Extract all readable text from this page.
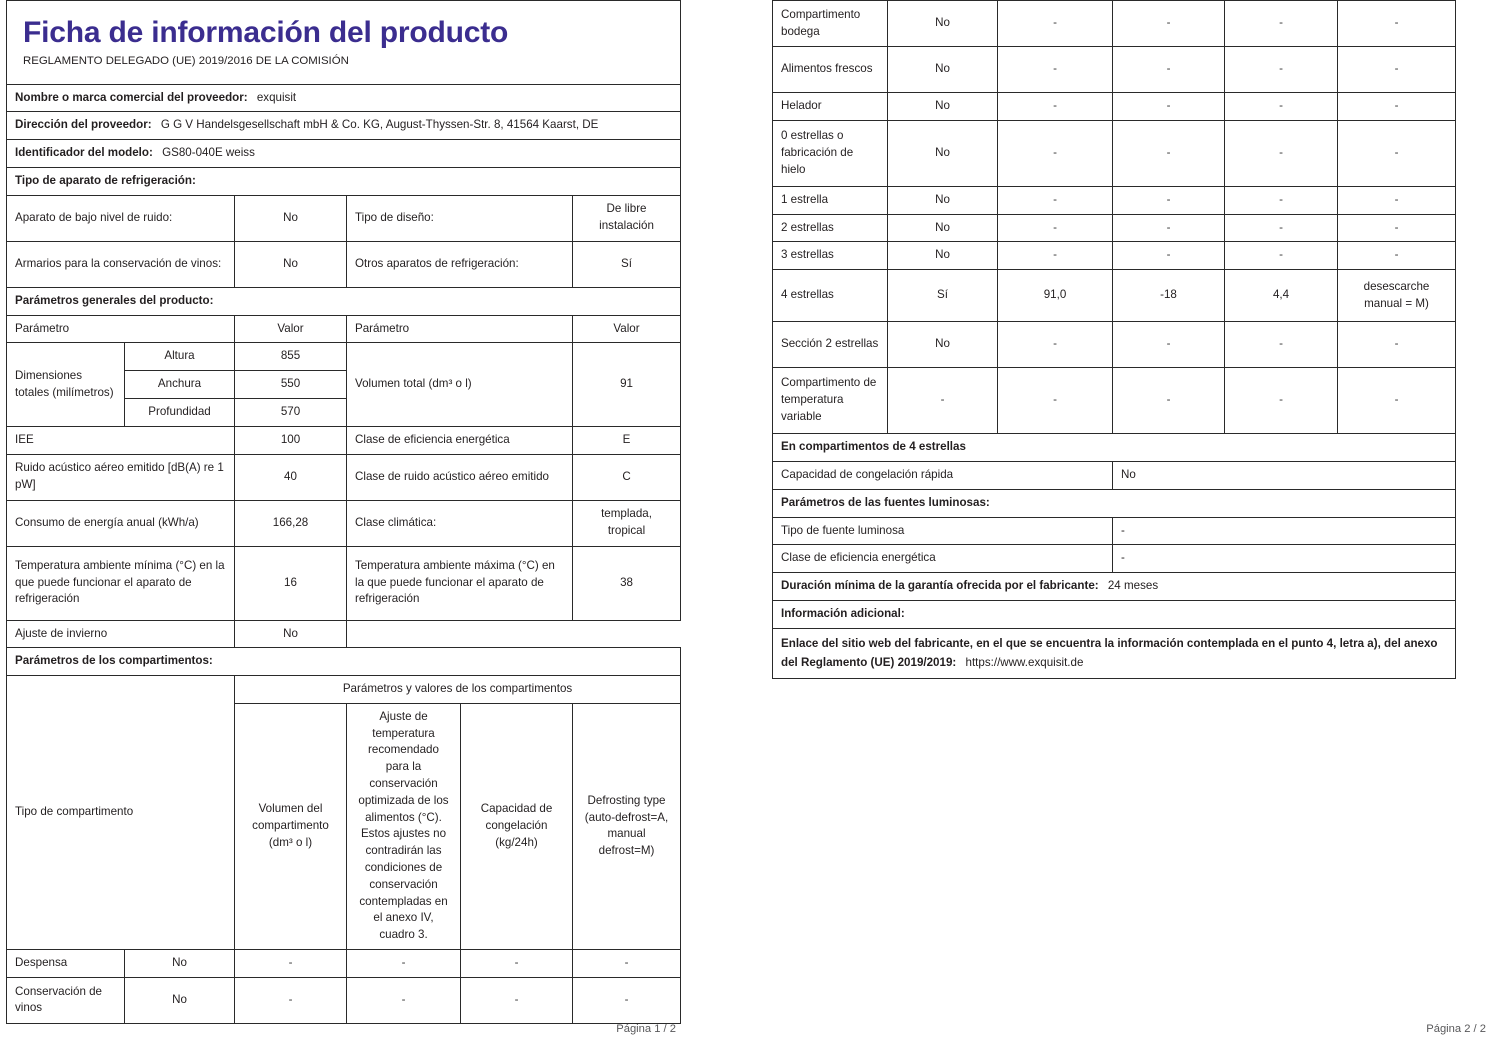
Ficha de información del producto					

REGLAMENTO DELEGADO (UE) 2019/2016 DE LA COMISIÓN					

Nombre o marca comercial del proveedor: exquisit					
Dirección del proveedor: G G V Handelsgesellschaft mbH & Co. KG, August-Thyssen-Str. 8, 41564 Kaarst, DE					
Identificador del modelo: GS80-040E weiss					
Tipo de aparato de refrigeración:					
Aparato de bajo nivel de ruido:		No	Tipo de diseño:		De libre instalación
Armarios para la conservación de vinos:		No	Otros aparatos de refrigeración:		Sí
Parámetros generales del producto:					
Parámetro		Valor	Parámetro		Valor
Dimensiones totales (milímetros)	Altura	855	Volumen total (dm³ o l)		91
	Anchura	550			
	Profundidad	570			
IEE		100	Clase de eficiencia energética		E
Ruido acústico aéreo emitido [dB(A) re 1 pW]		40	Clase de ruido acústico aéreo emitido		C
Consumo de energía anual (kWh/a)		166,28	Clase climática:		templada, tropical
Temperatura ambiente mínima (°C) en la que puede funcionar el aparato de refrigeración		16	Temperatura ambiente máxima (°C) en la que puede funcionar el aparato de refrigeración		38
Ajuste de invierno		No			
Parámetros de los compartimentos:					
Tipo de compartimento		Parámetros y valores de los compartimentos			
		Volumen del compartimento (dm³ o l)	Ajuste de temperatura recomendado para la conservación optimizada de los alimentos (°C). Estos ajustes no contradirán las condiciones de conservación contempladas en el anexo IV, cuadro 3.	Capacidad de congelación (kg/24h)	Defrosting type (auto-defrost=A, manual defrost=M)
Despensa	No	-	-	-	-
Conservación de vinos	No	-	-	-	-
Página 1 / 2
Compartimento bodega	No	-	-	-	-
Alimentos frescos	No	-	-	-	-
Helador	No	-	-	-	-
0 estrellas o fabricación de hielo	No	-	-	-	-
1 estrella	No	-	-	-	-
2 estrellas	No	-	-	-	-
3 estrellas	No	-	-	-	-
4 estrellas	Sí	91,0	-18	4,4	desescarche manual = M)
Sección 2 estrellas	No	-	-	-	-
Compartimento de temperatura variable	-	-	-	-	-
En compartimentos de 4 estrellas					
Capacidad de congelación rápida			No		
Parámetros de las fuentes luminosas:					
Tipo de fuente luminosa			-		
Clase de eficiencia energética			-		
Duración mínima de la garantía ofrecida por el fabricante: 24 meses					
Información adicional:					
Enlace del sitio web del fabricante, en el que se encuentra la información contemplada en el punto 4, letra a), del anexo del Reglamento (UE) 2019/2019: https://www.exquisit.de					
Página 2 / 2
